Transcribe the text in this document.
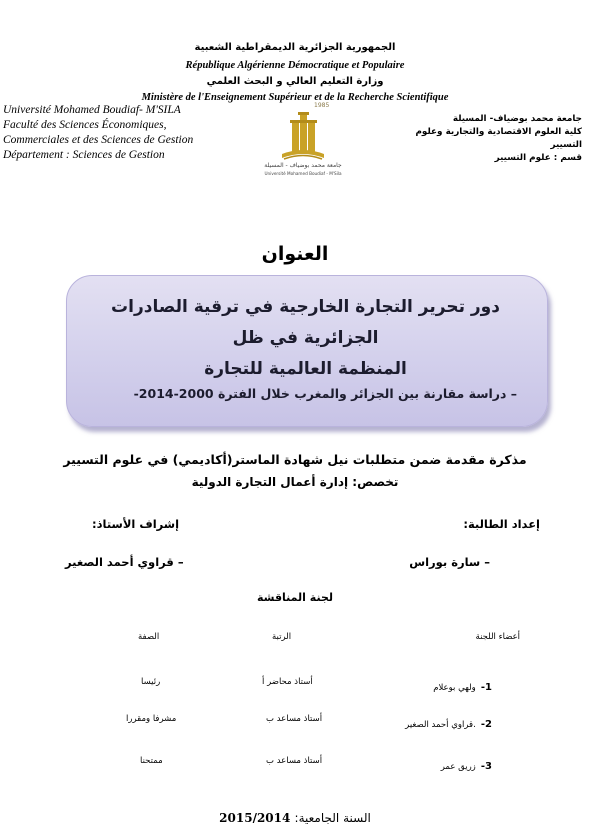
الجمهورية الجزائرية الديمقراطية الشعبية
République Algérienne Démocratique et Populaire
وزارة التعليم العالي و البحث العلمي
Ministère de l'Enseignement Supérieur et de la Recherche Scientifique
Université Mohamed Boudiaf- M'SILA
Faculté des Sciences Économiques,
Commerciales et des Sciences de Gestion
Département : Sciences de Gestion
جامعة محمد بوضياف- المسيلة
كلية العلوم الاقتصادية والتجارية وعلوم التسيير
قسم : علوم التسيير
1985
جامعة محمد بوضياف - المسيلة
Université Mohamed Boudiaf - M'Sila
العنوان
دور تحرير التجارة الخارجية في ترقية الصادرات الجزائرية في ظل
المنظمة العالمية للتجارة
– دراسة مقارنة بين الجزائر والمغرب خلال الفترة 2000-2014-
مذكرة مقدمة ضمن متطلبات نيل شهادة الماستر(أكاديمي) في علوم التسيير
تخصص: إدارة أعمال التجارة الدولية
إعداد الطالبة:
إشراف الأستاذ:
– سارة بوراس
– قراوي أحمد الصغير
لجنة المناقشة
أعضاء اللجنة
الرتبة
الصفة
1- ولهي بوعلام
أستاذ محاضر أ
رئيسا
2- .قراوي أحمد الصغير
أستاذ مساعد ب
مشرفا ومقررا
3- زريق عمر
أستاذ مساعد ب
ممتحنا
السنة الجامعية: 2015/2014
